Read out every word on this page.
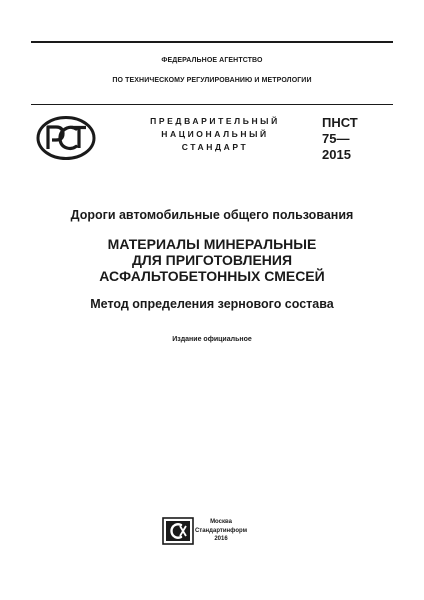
ФЕДЕРАЛЬНОЕ АГЕНТСТВО
ПО ТЕХНИЧЕСКОМУ РЕГУЛИРОВАНИЮ И МЕТРОЛОГИИ
ПРЕДВАРИТЕЛЬНЫЙ
НАЦИОНАЛЬНЫЙ
СТАНДАРТ
ПНСТ
75—
2015
Дороги автомобильные общего пользования
МАТЕРИАЛЫ МИНЕРАЛЬНЫЕ
ДЛЯ ПРИГОТОВЛЕНИЯ
АСФАЛЬТОБЕТОННЫХ СМЕСЕЙ
Метод определения зернового состава
Издание официальное
Москва
Стандартинформ
2016
